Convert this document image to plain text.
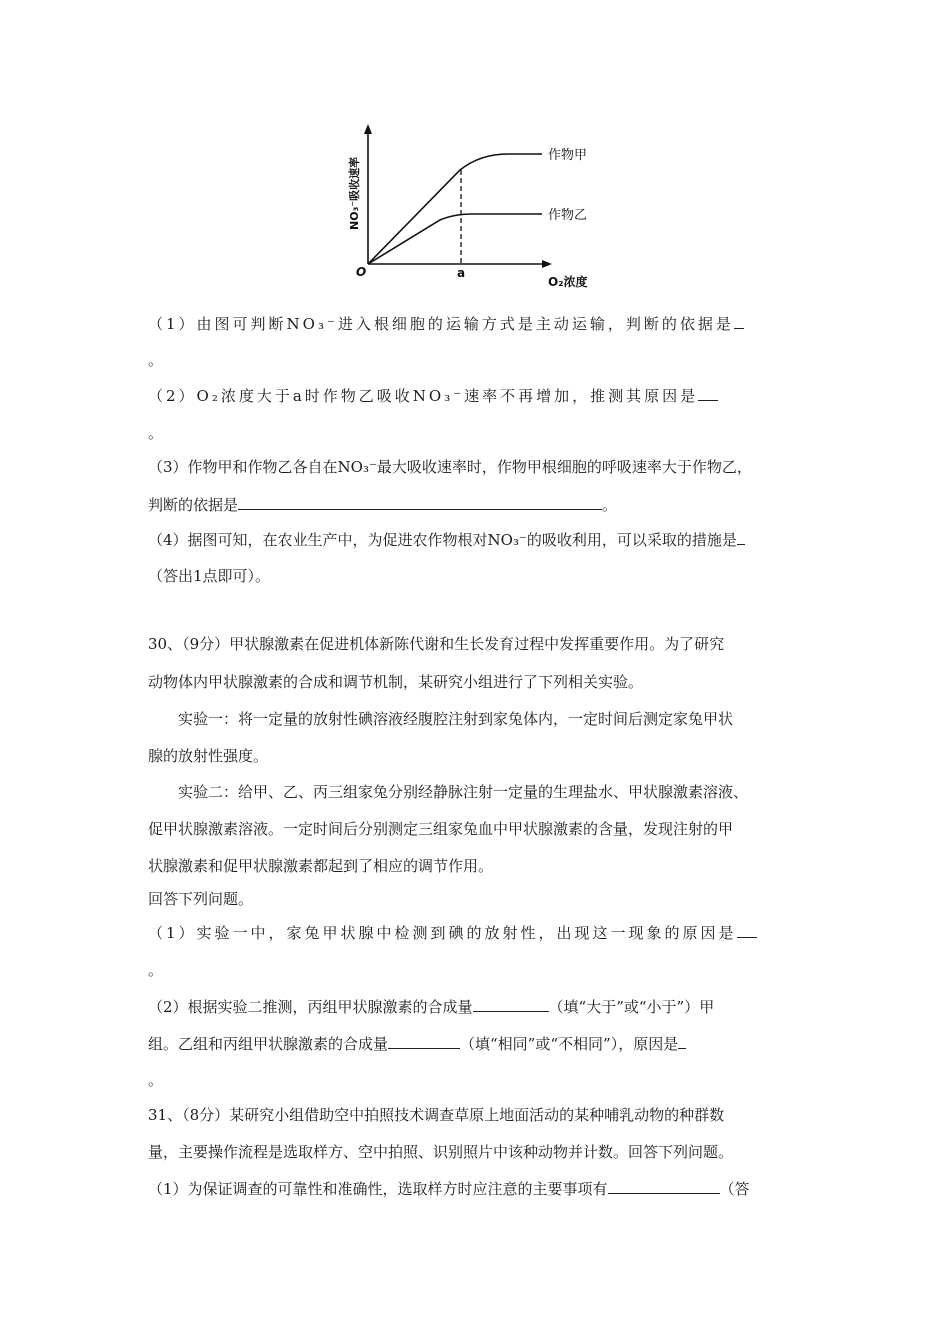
作物甲
作物乙
O	a
O₂浓度
NO₃⁻吸收速率
（1）由图可判断NO₃⁻进入根细胞的运输方式是主动运输，判断的依据是
。
（2）O₂浓度大于a时作物乙吸收NO₃⁻速率不再增加，推测其原因是
。
（3）作物甲和作物乙各自在NO₃⁻最大吸收速率时，作物甲根细胞的呼吸速率大于作物乙，
判断的依据是	。
（4）据图可知，在农业生产中，为促进农作物根对NO₃⁻的吸收利用，可以采取的措施是
（答出1点即可）。
30、（9分）甲状腺激素在促进机体新陈代谢和生长发育过程中发挥重要作用。为了研究
动物体内甲状腺激素的合成和调节机制，某研究小组进行了下列相关实验。
实验一：将一定量的放射性碘溶液经腹腔注射到家兔体内，一定时间后测定家兔甲状
腺的放射性强度。
实验二：给甲、乙、丙三组家兔分别经静脉注射一定量的生理盐水、甲状腺激素溶液、
促甲状腺激素溶液。一定时间后分别测定三组家兔血中甲状腺激素的含量，发现注射的甲
状腺激素和促甲状腺激素都起到了相应的调节作用。
回答下列问题。
（1）实验一中，家兔甲状腺中检测到碘的放射性，出现这一现象的原因是
。
（2）根据实验二推测，丙组甲状腺激素的合成量	（填“大于”或“小于”）甲
组。乙组和丙组甲状腺激素的合成量	（填“相同”或“不相同”），原因是
。
31、（8分）某研究小组借助空中拍照技术调查草原上地面活动的某种哺乳动物的种群数
量，主要操作流程是选取样方、空中拍照、识别照片中该种动物并计数。回答下列问题。
（1）为保证调查的可靠性和准确性，选取样方时应注意的主要事项有	（答
